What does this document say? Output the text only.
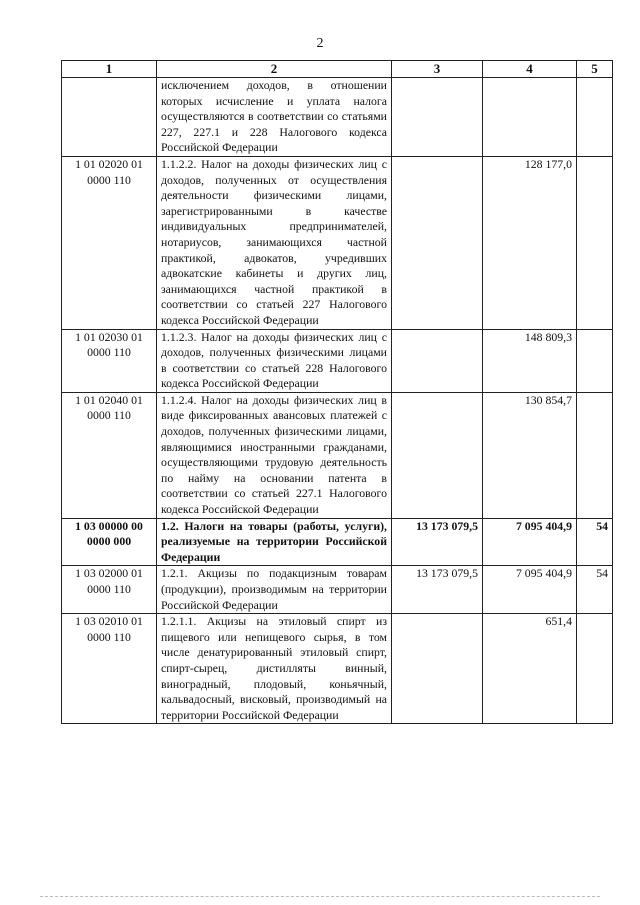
2
1	2	3	4	5
	исключением доходов, в отношении которых исчисление и уплата налога осуществляются в соответствии со статьями 227, 227.1 и 228 Налогового кодекса Российской Федерации			
1 01 02020 01 0000 110	1.1.2.2. Налог на доходы физических лиц с доходов, полученных от осуществления деятельности физическими лицами, зарегистрированными в качестве индивидуальных предпринимателей, нотариусов, занимающихся частной практикой, адвокатов, учредивших адвокатские кабинеты и других лиц, занимающихся частной практикой в соответствии со статьей 227 Налогового кодекса Российской Федерации		128 177,0	
1 01 02030 01 0000 110	1.1.2.3. Налог на доходы физических лиц с доходов, полученных физическими лицами в соответствии со статьей 228 Налогового кодекса Российской Федерации		148 809,3	
1 01 02040 01 0000 110	1.1.2.4. Налог на доходы физических лиц в виде фиксированных авансовых платежей с доходов, полученных физическими лицами, являющимися иностранными гражданами, осуществляющими трудовую деятельность по найму на основании патента в соответствии со статьей 227.1 Налогового кодекса Российской Федерации		130 854,7	
1 03 00000 00 0000 000	1.2. Налоги на товары (работы, услуги), реализуемые на территории Российской Федерации	13 173 079,5	7 095 404,9	54
1 03 02000 01 0000 110	1.2.1. Акцизы по подакцизным товарам (продукции), производимым на территории Российской Федерации	13 173 079,5	7 095 404,9	54
1 03 02010 01 0000 110	1.2.1.1. Акцизы на этиловый спирт из пищевого или непищевого сырья, в том числе денатурированный этиловый спирт, спирт-сырец, дистилляты винный, виноградный, плодовый, коньячный, кальвадосный, висковый, производимый на территории Российской Федерации		651,4	
